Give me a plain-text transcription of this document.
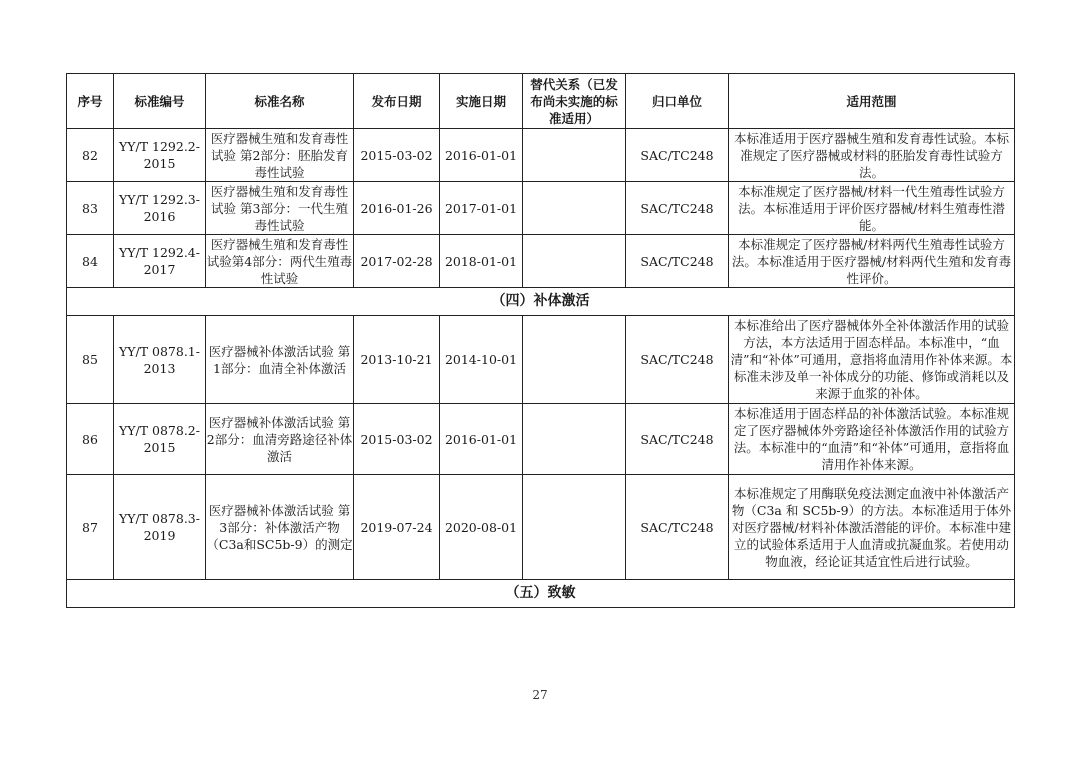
序号	标准编号	标准名称	发布日期	实施日期	替代关系（已发布尚未实施的标准适用）	归口单位	适用范围
82	YY/T 1292.2-2015	医疗器械生殖和发育毒性试验 第2部分：胚胎发育毒性试验	2015-03-02	2016-01-01		SAC/TC248	本标准适用于医疗器械生殖和发育毒性试验。本标准规定了医疗器械或材料的胚胎发育毒性试验方法。
83	YY/T 1292.3-2016	医疗器械生殖和发育毒性试验 第3部分：一代生殖毒性试验	2016-01-26	2017-01-01		SAC/TC248	本标准规定了医疗器械/材料一代生殖毒性试验方法。本标准适用于评价医疗器械/材料生殖毒性潜能。
84	YY/T 1292.4-2017	医疗器械生殖和发育毒性试验第4部分：两代生殖毒性试验	2017-02-28	2018-01-01		SAC/TC248	本标准规定了医疗器械/材料两代生殖毒性试验方法。本标准适用于医疗器械/材料两代生殖和发育毒性评价。
（四）补体激活							
85	YY/T 0878.1-2013	医疗器械补体激活试验 第1部分：血清全补体激活	2013-10-21	2014-10-01		SAC/TC248	本标准给出了医疗器械体外全补体激活作用的试验方法，本方法适用于固态样品。本标准中，“血清”和“补体”可通用，意指将血清用作补体来源。本标准未涉及单一补体成分的功能、修饰或消耗以及来源于血浆的补体。
86	YY/T 0878.2-2015	医疗器械补体激活试验 第2部分：血清旁路途径补体激活	2015-03-02	2016-01-01		SAC/TC248	本标准适用于固态样品的补体激活试验。本标准规定了医疗器械体外旁路途径补体激活作用的试验方法。本标准中的“血清”和“补体”可通用，意指将血清用作补体来源。
87	YY/T 0878.3-2019	医疗器械补体激活试验 第3部分：补体激活产物（C3a和SC5b-9）的测定	2019-07-24	2020-08-01		SAC/TC248	本标准规定了用酶联免疫法测定血液中补体激活产物（C3a 和 SC5b-9）的方法。本标准适用于体外对医疗器械/材料补体激活潜能的评价。本标准中建立的试验体系适用于人血清或抗凝血浆。若使用动物血液，经论证其适宜性后进行试验。
（五）致敏							
27
